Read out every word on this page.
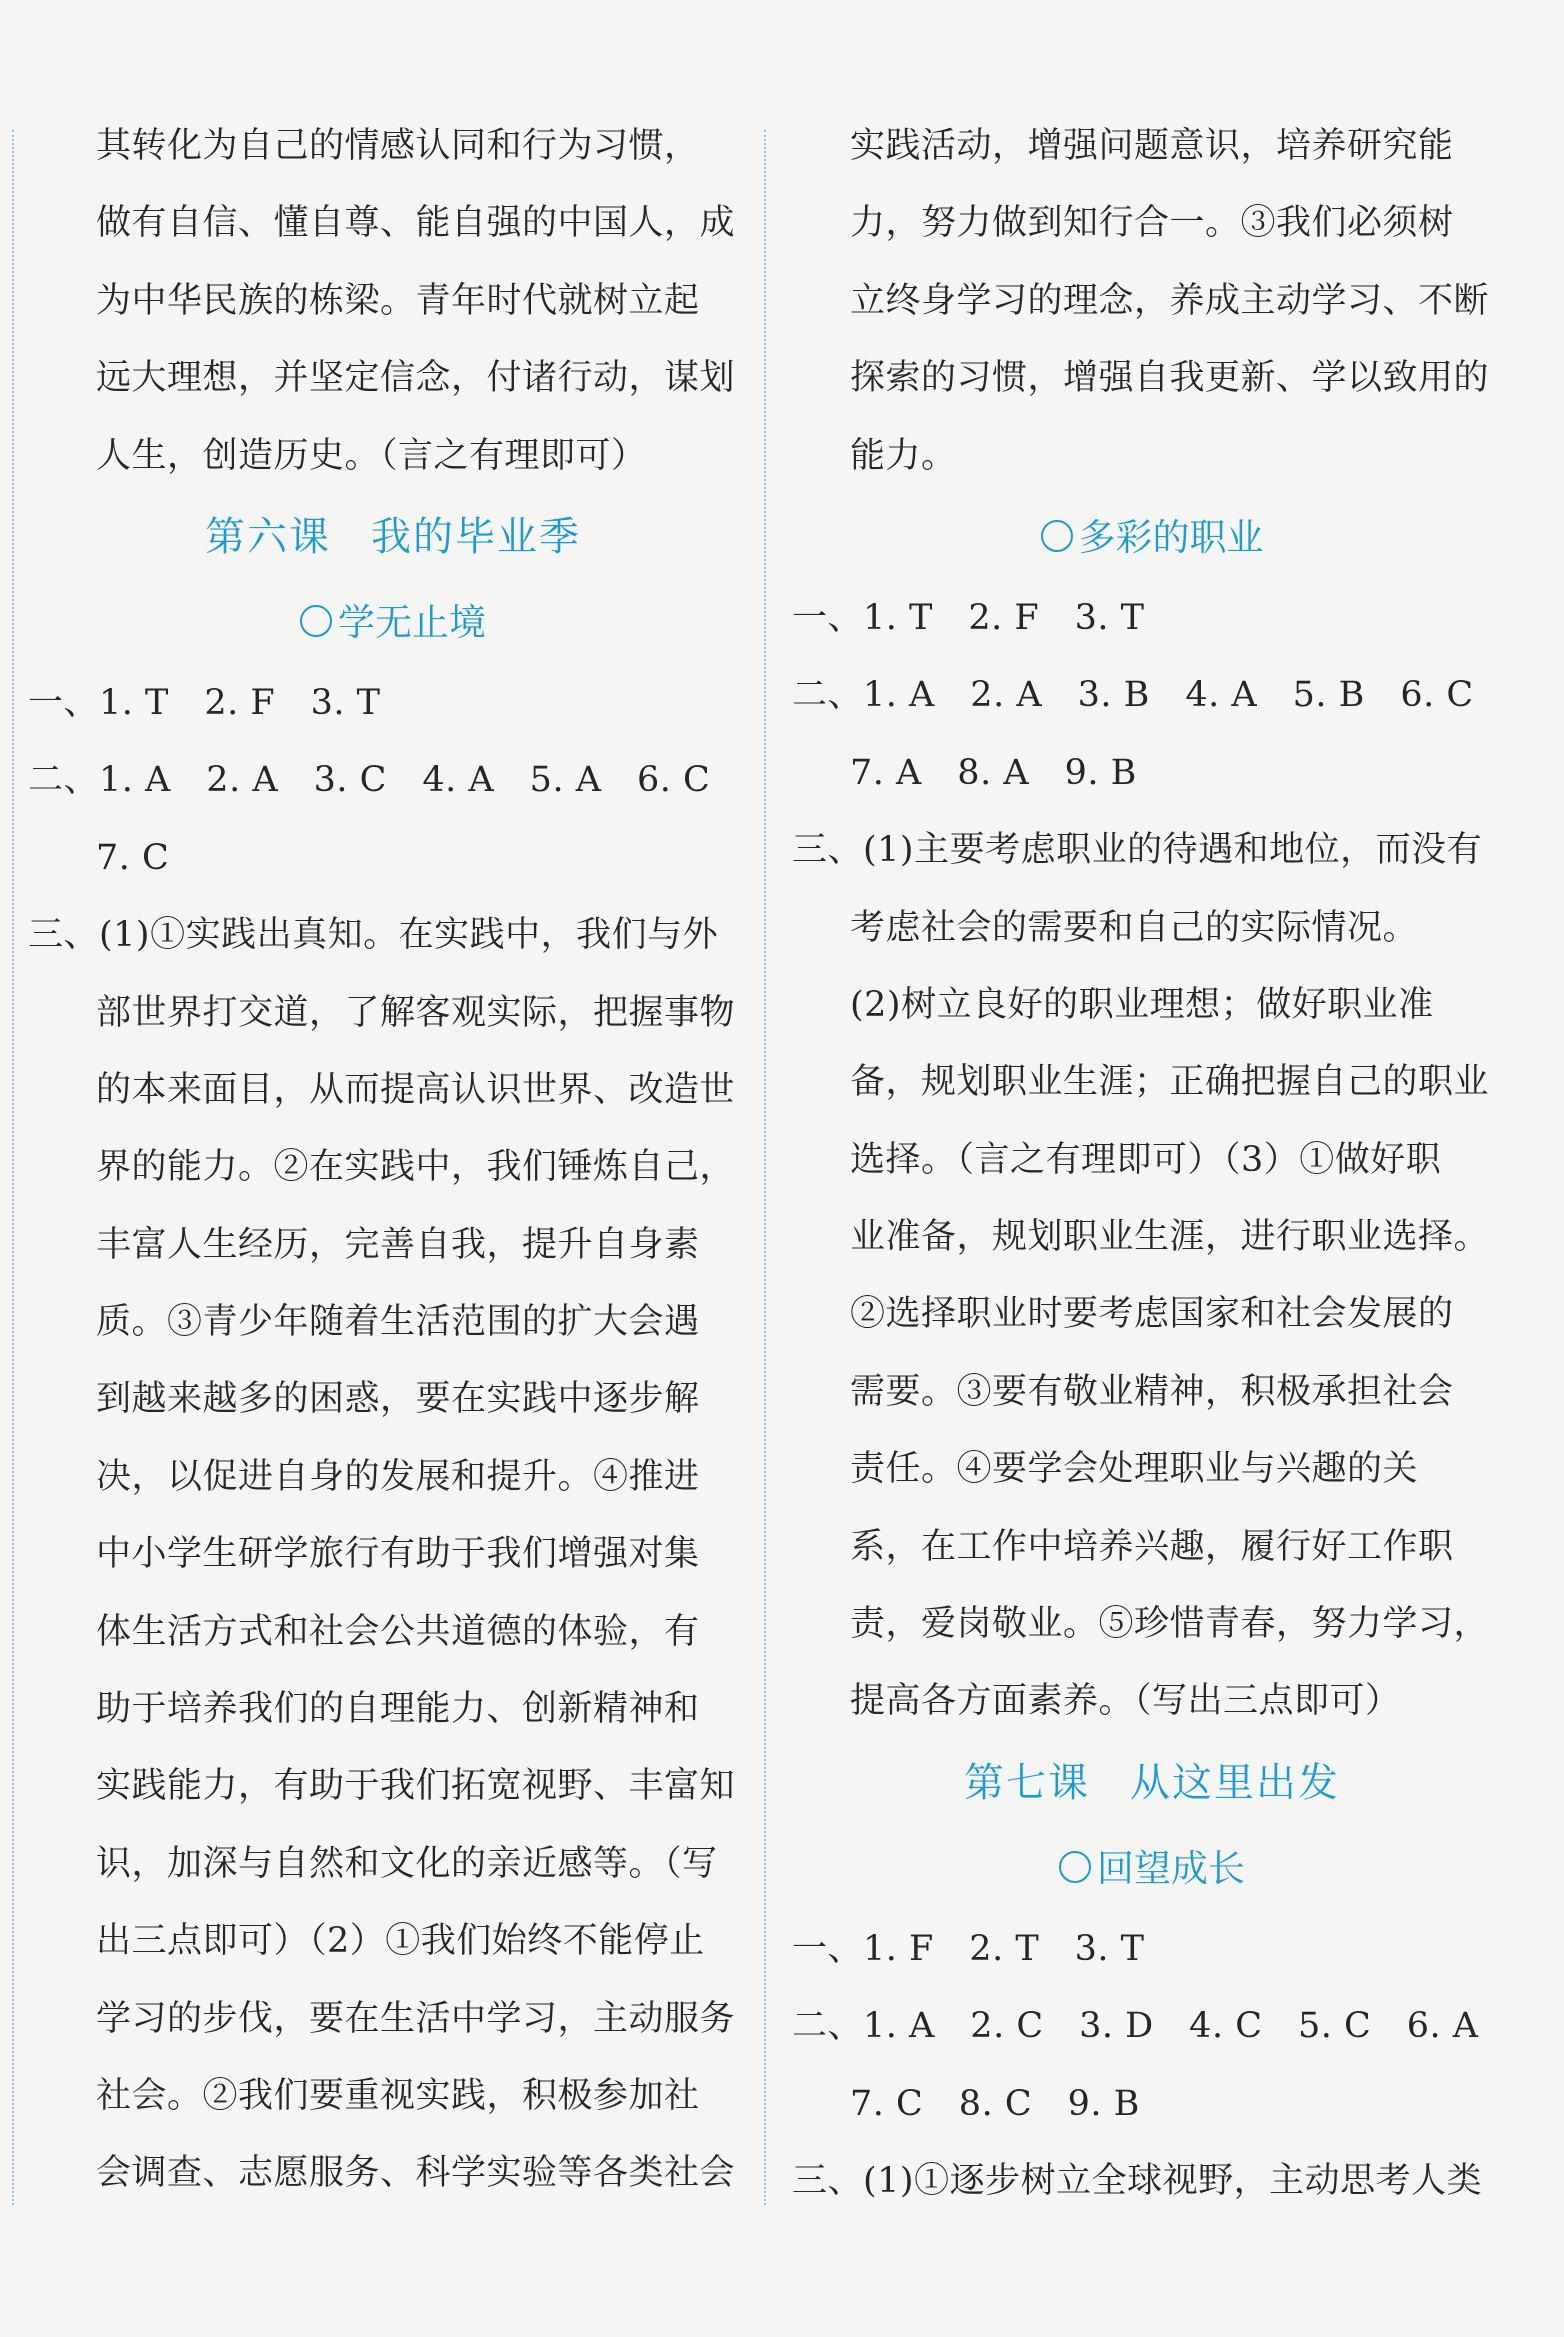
其转化为自己的情感认同和行为习惯，
做有自信、懂自尊、能自强的中国人，成
为中华民族的栋梁。青年时代就树立起
远大理想，并坚定信念，付诸行动，谋划
人生，创造历史。（言之有理即可）
第六课 我的毕业季
学无止境
一、1. T　2. F　3. T
二、1. A　2. A　3. C　4. A　5. A　6. C
7. C
三、(1)①实践出真知。在实践中，我们与外
部世界打交道，了解客观实际，把握事物
的本来面目，从而提高认识世界、改造世
界的能力。②在实践中，我们锤炼自己，
丰富人生经历，完善自我，提升自身素
质。③青少年随着生活范围的扩大会遇
到越来越多的困惑，要在实践中逐步解
决，以促进自身的发展和提升。④推进
中小学生研学旅行有助于我们增强对集
体生活方式和社会公共道德的体验，有
助于培养我们的自理能力、创新精神和
实践能力，有助于我们拓宽视野、丰富知
识，加深与自然和文化的亲近感等。（写
出三点即可）（2）①我们始终不能停止
学习的步伐，要在生活中学习，主动服务
社会。②我们要重视实践，积极参加社
会调查、志愿服务、科学实验等各类社会
实践活动，增强问题意识，培养研究能
力，努力做到知行合一。③我们必须树
立终身学习的理念，养成主动学习、不断
探索的习惯，增强自我更新、学以致用的
能力。
多彩的职业
一、1. T　2. F　3. T
二、1. A　2. A　3. B　4. A　5. B　6. C
7. A　8. A　9. B
三、(1)主要考虑职业的待遇和地位，而没有
考虑社会的需要和自己的实际情况。
(2)树立良好的职业理想；做好职业准
备，规划职业生涯；正确把握自己的职业
选择。（言之有理即可）（3）①做好职
业准备，规划职业生涯，进行职业选择。
②选择职业时要考虑国家和社会发展的
需要。③要有敬业精神，积极承担社会
责任。④要学会处理职业与兴趣的关
系，在工作中培养兴趣，履行好工作职
责，爱岗敬业。⑤珍惜青春，努力学习，
提高各方面素养。（写出三点即可）
第七课 从这里出发
回望成长
一、1. F　2. T　3. T
二、1. A　2. C　3. D　4. C　5. C　6. A
7. C　8. C　9. B
三、(1)①逐步树立全球视野，主动思考人类
